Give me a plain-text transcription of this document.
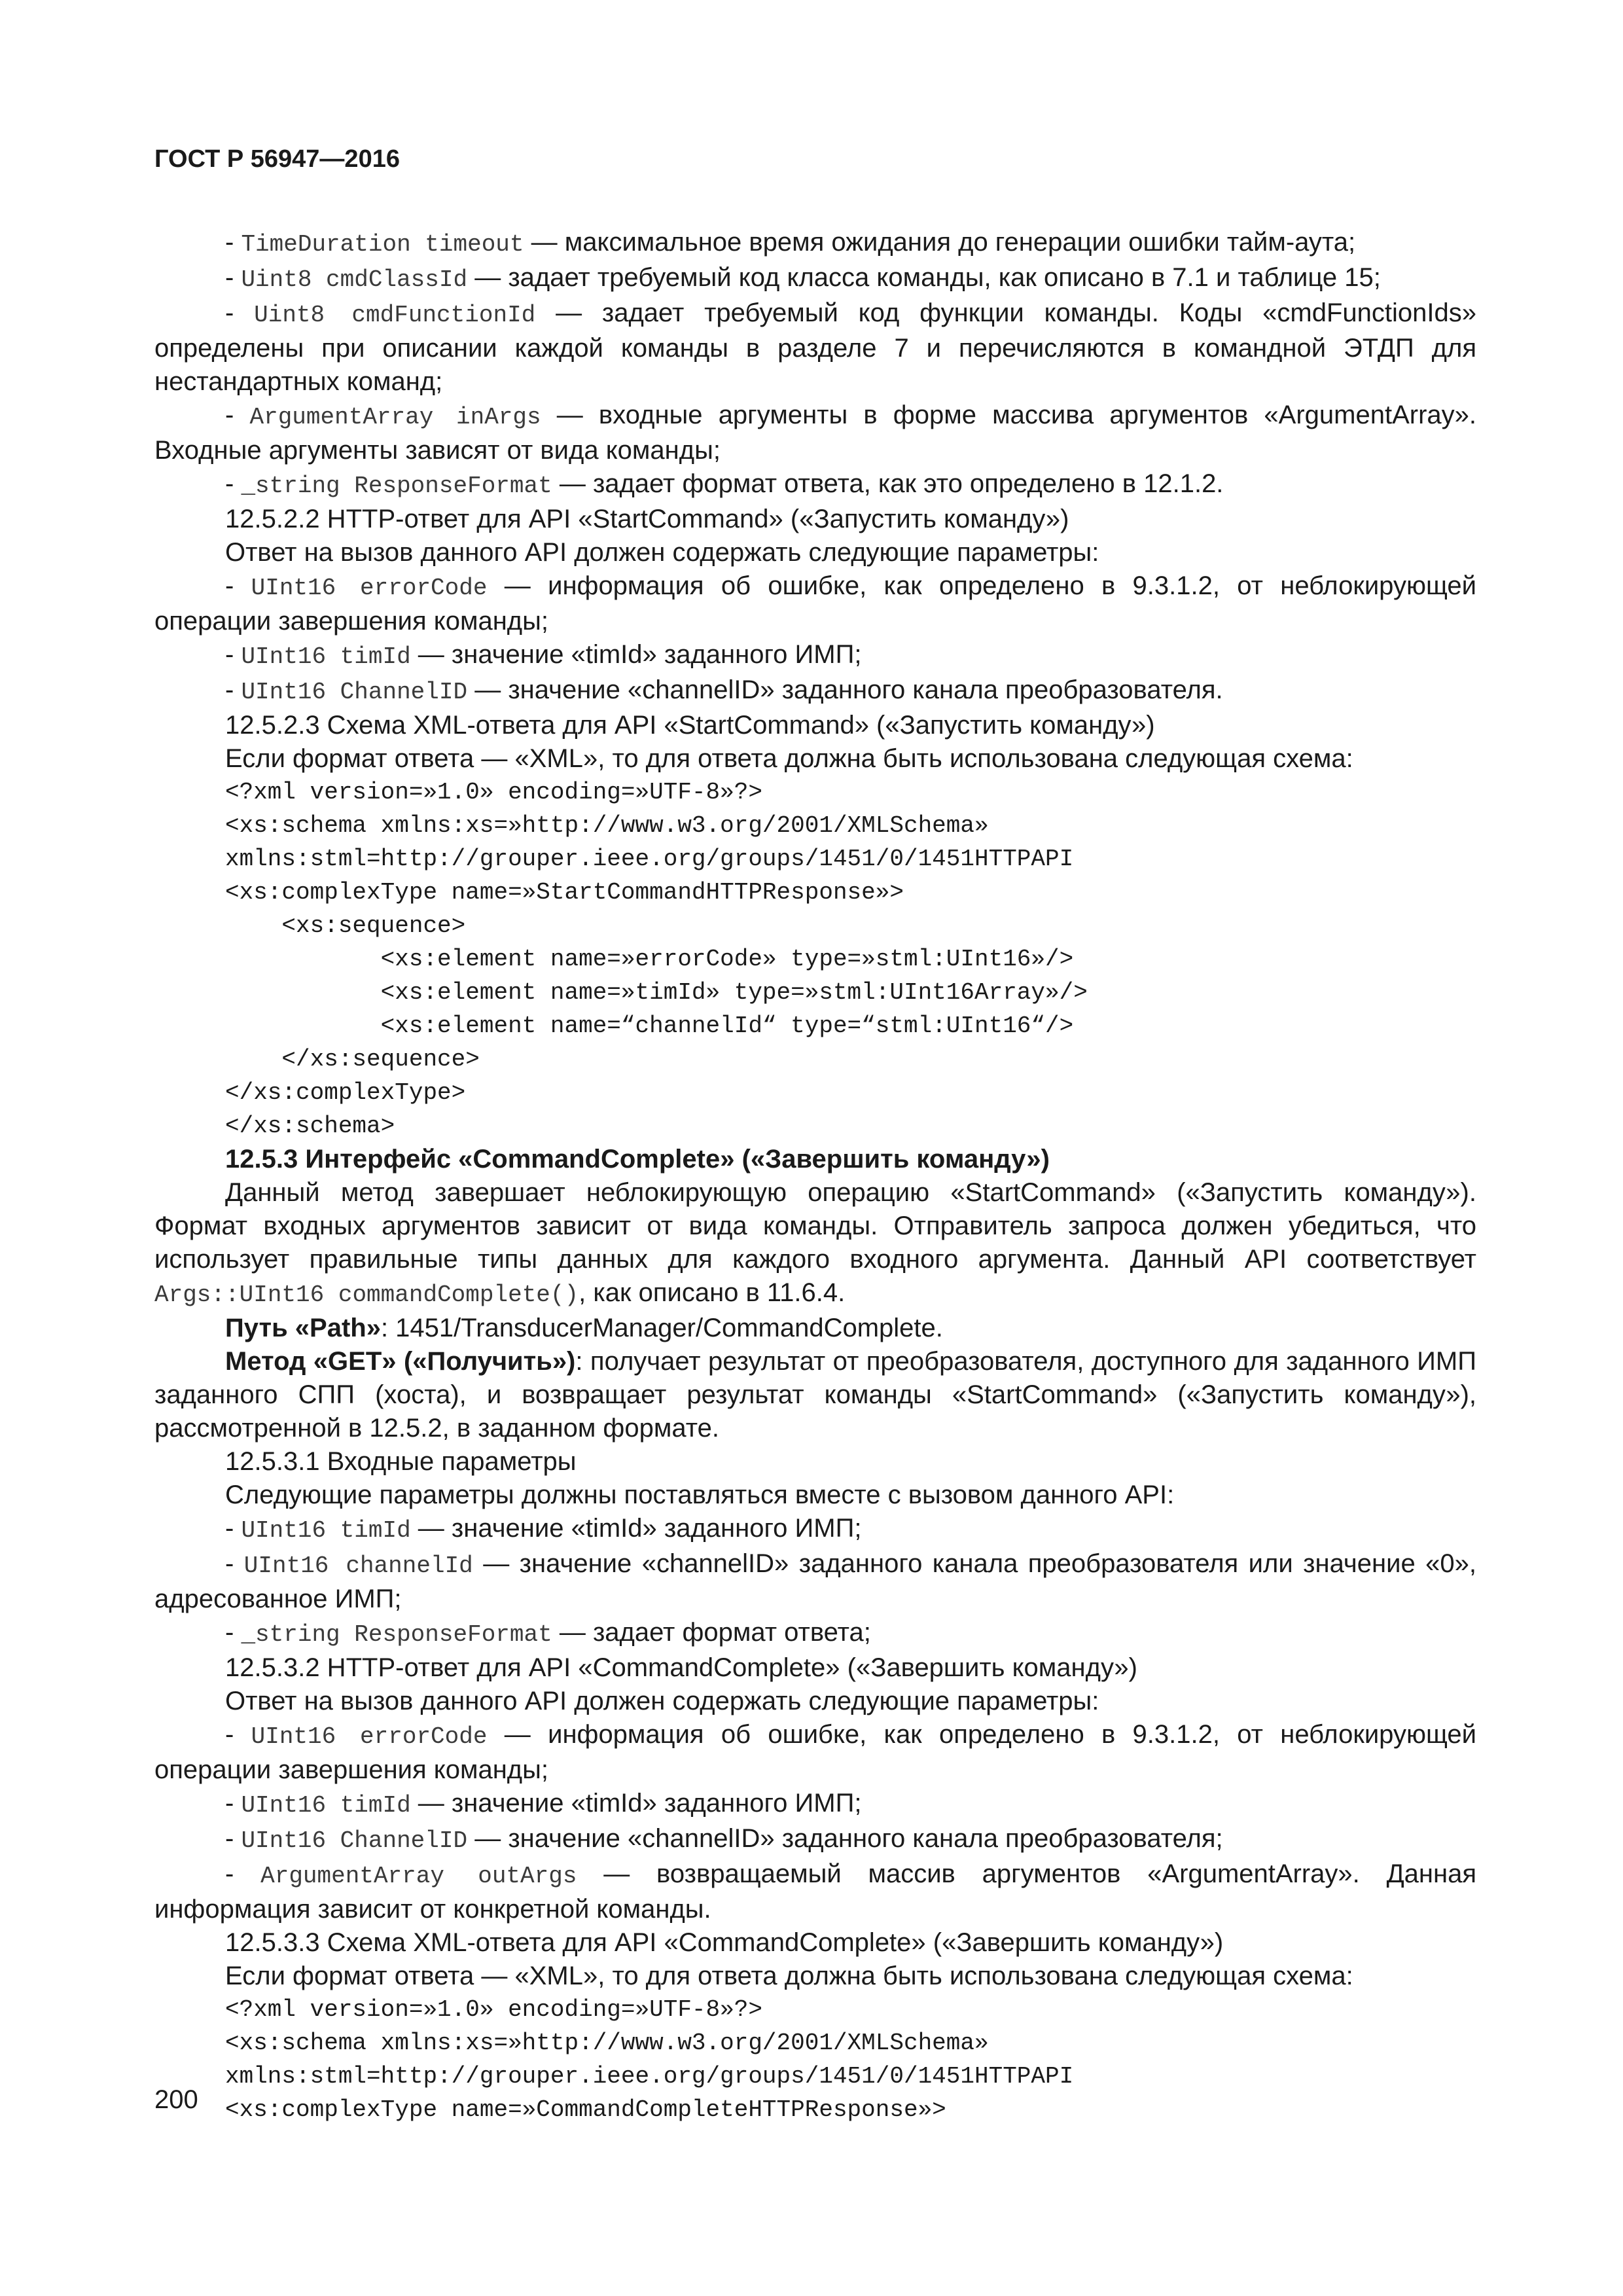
ГОСТ Р 56947—2016
- TimeDuration timeout — максимальное время ожидания до генерации ошибки тайм-аута;
- Uint8 cmdClassId — задает требуемый код класса команды, как описано в 7.1 и таблице 15;
- Uint8 cmdFunctionId — задает требуемый код функции команды. Коды «cmdFunctionIds» определены при описании каждой команды в разделе 7 и перечисляются в командной ЭТДП для нестандартных команд;
- ArgumentArray inArgs — входные аргументы в форме массива аргументов «ArgumentArray». Входные аргументы зависят от вида команды;
- _string ResponseFormat — задает формат ответа, как это определено в 12.1.2.
12.5.2.2 HTTP-ответ для API «StartCommand» («Запустить команду»)
Ответ на вызов данного API должен содержать следующие параметры:
- UInt16 errorCode — информация об ошибке, как определено в 9.3.1.2, от неблокирующей операции завершения команды;
- UInt16 timId — значение «timId» заданного ИМП;
- UInt16 ChannelID — значение «channelID» заданного канала преобразователя.
12.5.2.3 Схема XML-ответа для API «StartCommand» («Запустить команду»)
Если формат ответа — «XML», то для ответа должна быть использована следующая схема:
<?xml version=»1.0» encoding=»UTF-8»?>
<xs:schema xmlns:xs=»http://www.w3.org/2001/XMLSchema»
xmlns:stml=http://grouper.ieee.org/groups/1451/0/1451HTTPAPI
<xs:complexType name=»StartCommandHTTPResponse»>
<xs:sequence>
<xs:element name=»errorCode» type=»stml:UInt16»/>
<xs:element name=»timId» type=»stml:UInt16Array»/>
<xs:element name=“channelId“ type=“stml:UInt16“/>
</xs:sequence>
</xs:complexType>
</xs:schema>
12.5.3 Интерфейс «CommandComplete» («Завершить команду»)
Данный метод завершает неблокирующую операцию «StartCommand» («Запустить команду»). Формат входных аргументов зависит от вида команды. Отправитель запроса должен убедиться, что использует правильные типы данных для каждого входного аргумента. Данный API соответствует Args::UInt16 commandComplete(), как описано в 11.6.4.
Путь «Path»: 1451/TransducerManager/CommandComplete.
Метод «GET» («Получить»): получает результат от преобразователя, доступного для заданного ИМП заданного СПП (хоста), и возвращает результат команды «StartCommand» («Запустить команду»), рассмотренной в 12.5.2, в заданном формате.
12.5.3.1 Входные параметры
Следующие параметры должны поставляться вместе с вызовом данного API:
- UInt16 timId — значение «timId» заданного ИМП;
- UInt16 channelId — значение «channelID» заданного канала преобразователя или значение «0», адресованное ИМП;
- _string ResponseFormat — задает формат ответа;
12.5.3.2 HTTP-ответ для API «CommandComplete» («Завершить команду»)
Ответ на вызов данного API должен содержать следующие параметры:
- UInt16 errorCode — информация об ошибке, как определено в 9.3.1.2, от неблокирующей операции завершения команды;
- UInt16 timId — значение «timId» заданного ИМП;
- UInt16 ChannelID — значение «channelID» заданного канала преобразователя;
- ArgumentArray outArgs — возвращаемый массив аргументов «ArgumentArray». Данная информация зависит от конкретной команды.
12.5.3.3 Схема XML-ответа для API «CommandComplete» («Завершить команду»)
Если формат ответа — «XML», то для ответа должна быть использована следующая схема:
<?xml version=»1.0» encoding=»UTF-8»?>
<xs:schema xmlns:xs=»http://www.w3.org/2001/XMLSchema»
xmlns:stml=http://grouper.ieee.org/groups/1451/0/1451HTTPAPI
<xs:complexType name=»CommandCompleteHTTPResponse»>
200
